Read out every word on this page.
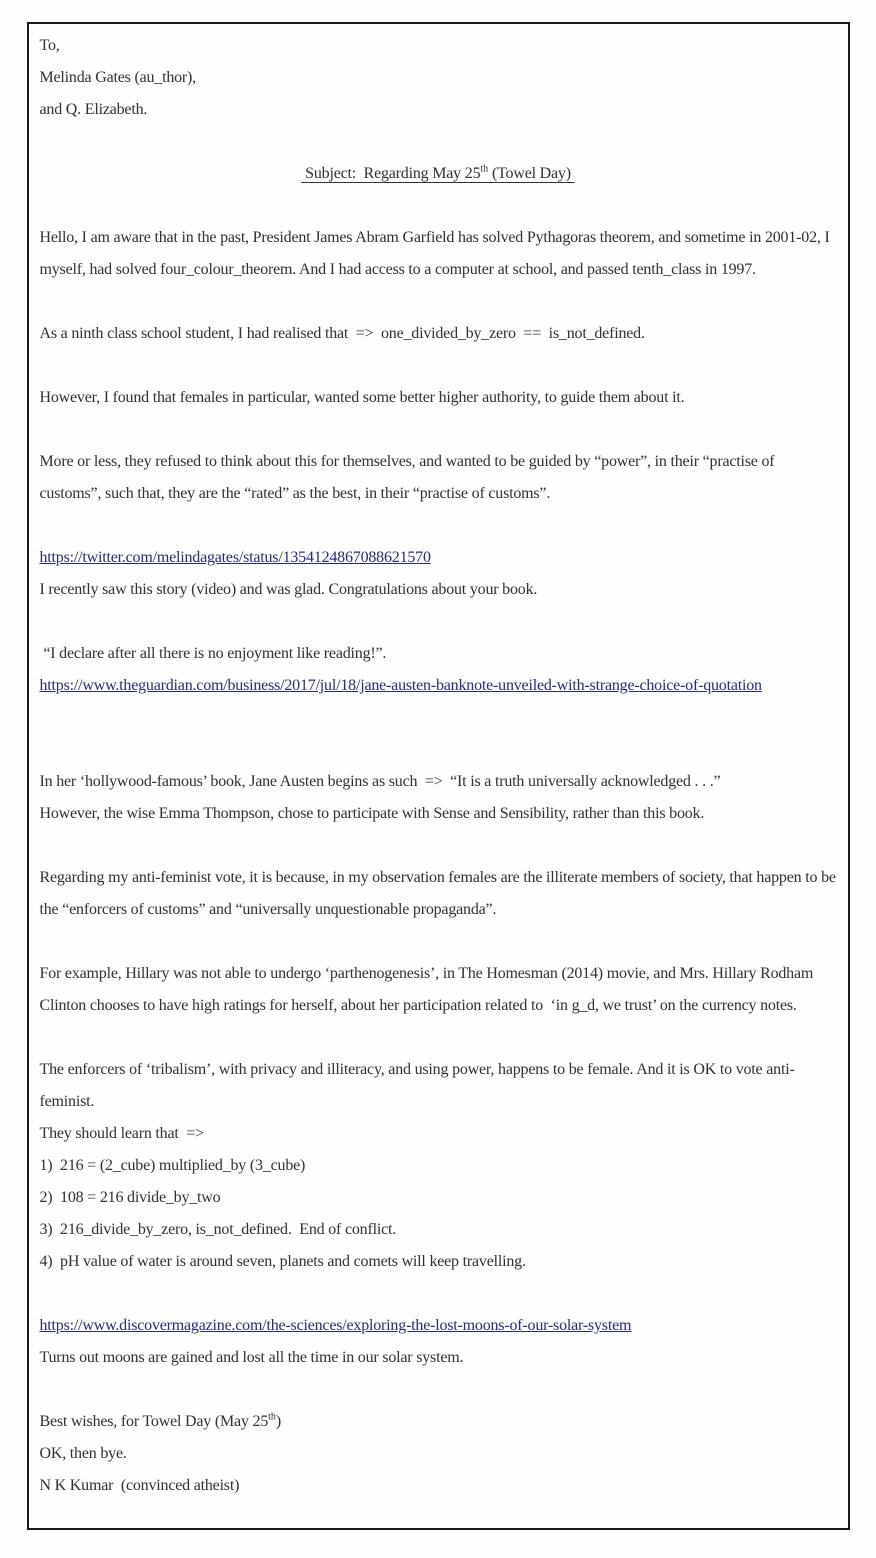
To,

Melinda Gates (au_thor),

and Q. Elizabeth.

Subject:  Regarding May 25th (Towel Day)

Hello, I am aware that in the past, President James Abram Garfield has solved Pythagoras theorem, and sometime in 2001-02, I myself, had solved four_colour_theorem. And I had access to a computer at school, and passed tenth_class in 1997.

As a ninth class school student, I had realised that  =>  one_divided_by_zero  ==  is_not_defined.

However, I found that females in particular, wanted some better higher authority, to guide them about it.

More or less, they refused to think about this for themselves, and wanted to be guided by “power”, in their “practise of customs”, such that, they are the “rated” as the best, in their “practise of customs”.

https://twitter.com/melindagates/status/1354124867088621570

I recently saw this story (video) and was glad. Congratulations about your book.

“I declare after all there is no enjoyment like reading!”.

https://www.theguardian.com/business/2017/jul/18/jane-austen-banknote-unveiled-with-strange-choice-of-quotation

In her ‘hollywood-famous’ book, Jane Austen begins as such  =>  “It is a truth universally acknowledged . . .”

However, the wise Emma Thompson, chose to participate with Sense and Sensibility, rather than this book.

Regarding my anti-feminist vote, it is because, in my observation females are the illiterate members of society, that happen to be the “enforcers of customs” and “universally unquestionable propaganda”.

For example, Hillary was not able to undergo ‘parthenogenesis’, in The Homesman (2014) movie, and Mrs. Hillary Rodham Clinton chooses to have high ratings for herself, about her participation related to  ‘in g_d, we trust’ on the currency notes.

The enforcers of ‘tribalism’, with privacy and illiteracy, and using power, happens to be female. And it is OK to vote anti-feminist.

They should learn that  =>

1)  216 = (2_cube) multiplied_by (3_cube)

2)  108 = 216 divide_by_two

3)  216_divide_by_zero, is_not_defined.  End of conflict.

4)  pH value of water is around seven, planets and comets will keep travelling.

https://www.discovermagazine.com/the-sciences/exploring-the-lost-moons-of-our-solar-system

Turns out moons are gained and lost all the time in our solar system.

Best wishes, for Towel Day (May 25th)

OK, then bye.

N K Kumar  (convinced atheist)
